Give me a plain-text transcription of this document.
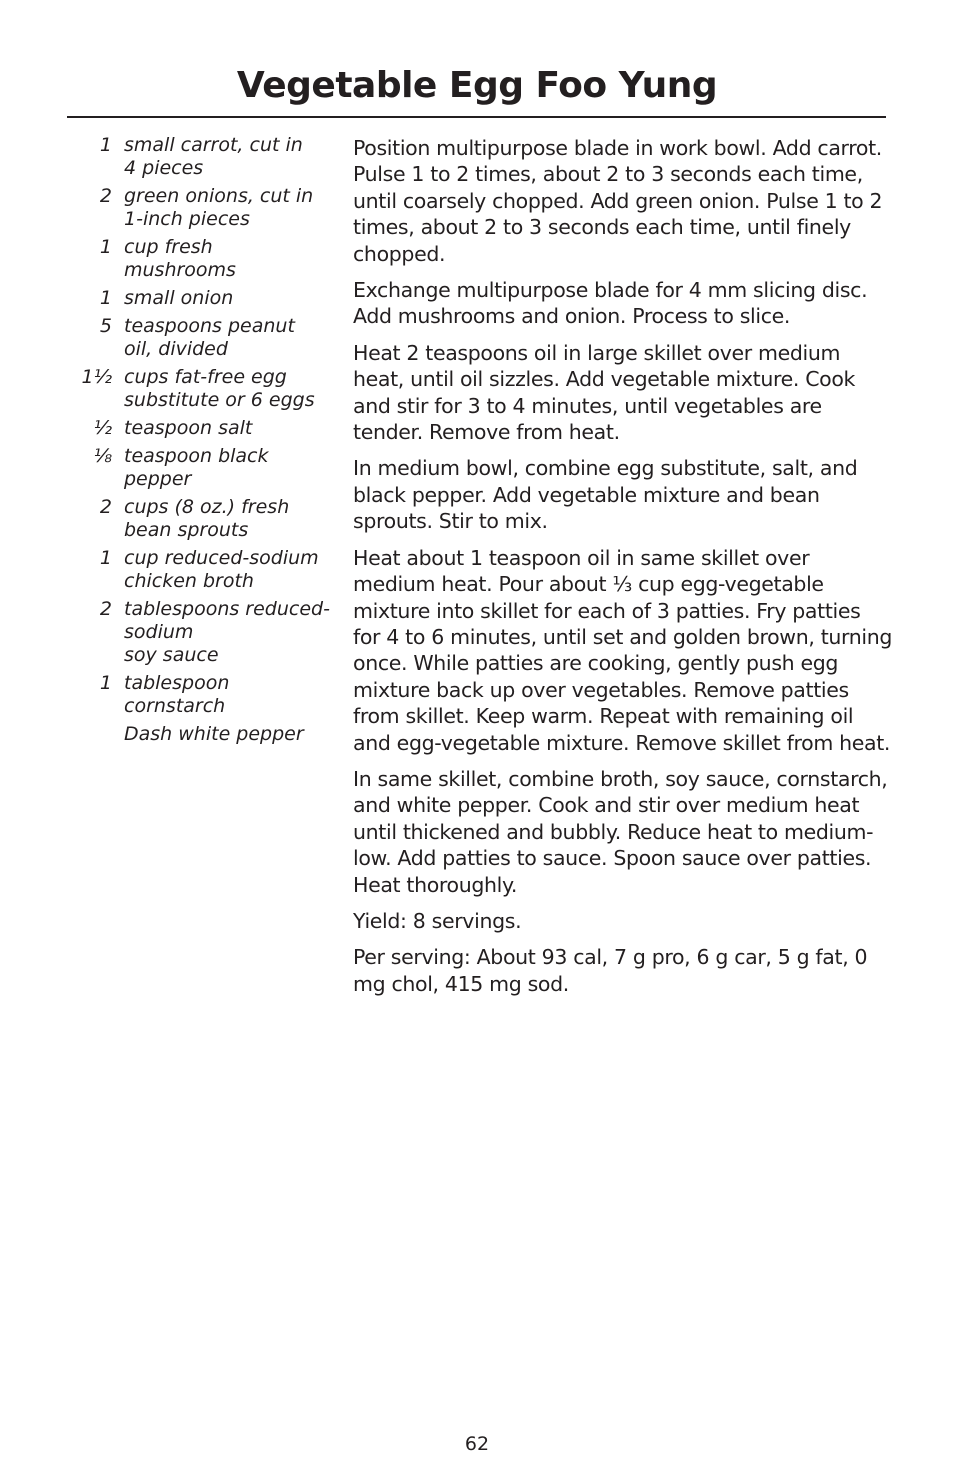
Vegetable Egg Foo Yung
1 small carrot, cut in
4 pieces
2 green onions, cut in
1-inch pieces
1 cup fresh
mushrooms
1 small onion
5 teaspoons peanut
oil, divided
1½ cups fat-free egg
substitute or 6 eggs
½ teaspoon salt
⅛ teaspoon black
pepper
2 cups (8 oz.) fresh
bean sprouts
1 cup reduced-sodium
chicken broth
2 tablespoons reduced-
sodium
soy sauce
1 tablespoon
cornstarch
Dash white pepper

Position multipurpose blade in work bowl. Add carrot. Pulse 1 to 2 times, about 2 to 3 seconds each time, until coarsely chopped. Add green onion. Pulse 1 to 2 times, about 2 to 3 seconds each time, until finely chopped.

Exchange multipurpose blade for 4 mm slicing disc. Add mushrooms and onion. Process to slice.

Heat 2 teaspoons oil in large skillet over medium heat, until oil sizzles. Add vegetable mixture. Cook and stir for 3 to 4 minutes, until vegetables are tender. Remove from heat.

In medium bowl, combine egg substitute, salt, and black pepper. Add vegetable mixture and bean sprouts. Stir to mix.

Heat about 1 teaspoon oil in same skillet over medium heat. Pour about ⅓ cup egg-vegetable mixture into skillet for each of 3 patties. Fry patties for 4 to 6 minutes, until set and golden brown, turning once. While patties are cooking, gently push egg mixture back up over vegetables. Remove patties from skillet. Keep warm. Repeat with remaining oil and egg-vegetable mixture. Remove skillet from heat.

In same skillet, combine broth, soy sauce, cornstarch, and white pepper. Cook and stir over medium heat until thickened and bubbly. Reduce heat to medium-low. Add patties to sauce. Spoon sauce over patties. Heat thoroughly.

Yield: 8 servings.

Per serving: About 93 cal, 7 g pro, 6 g car, 5 g fat, 0 mg chol, 415 mg sod.

62
